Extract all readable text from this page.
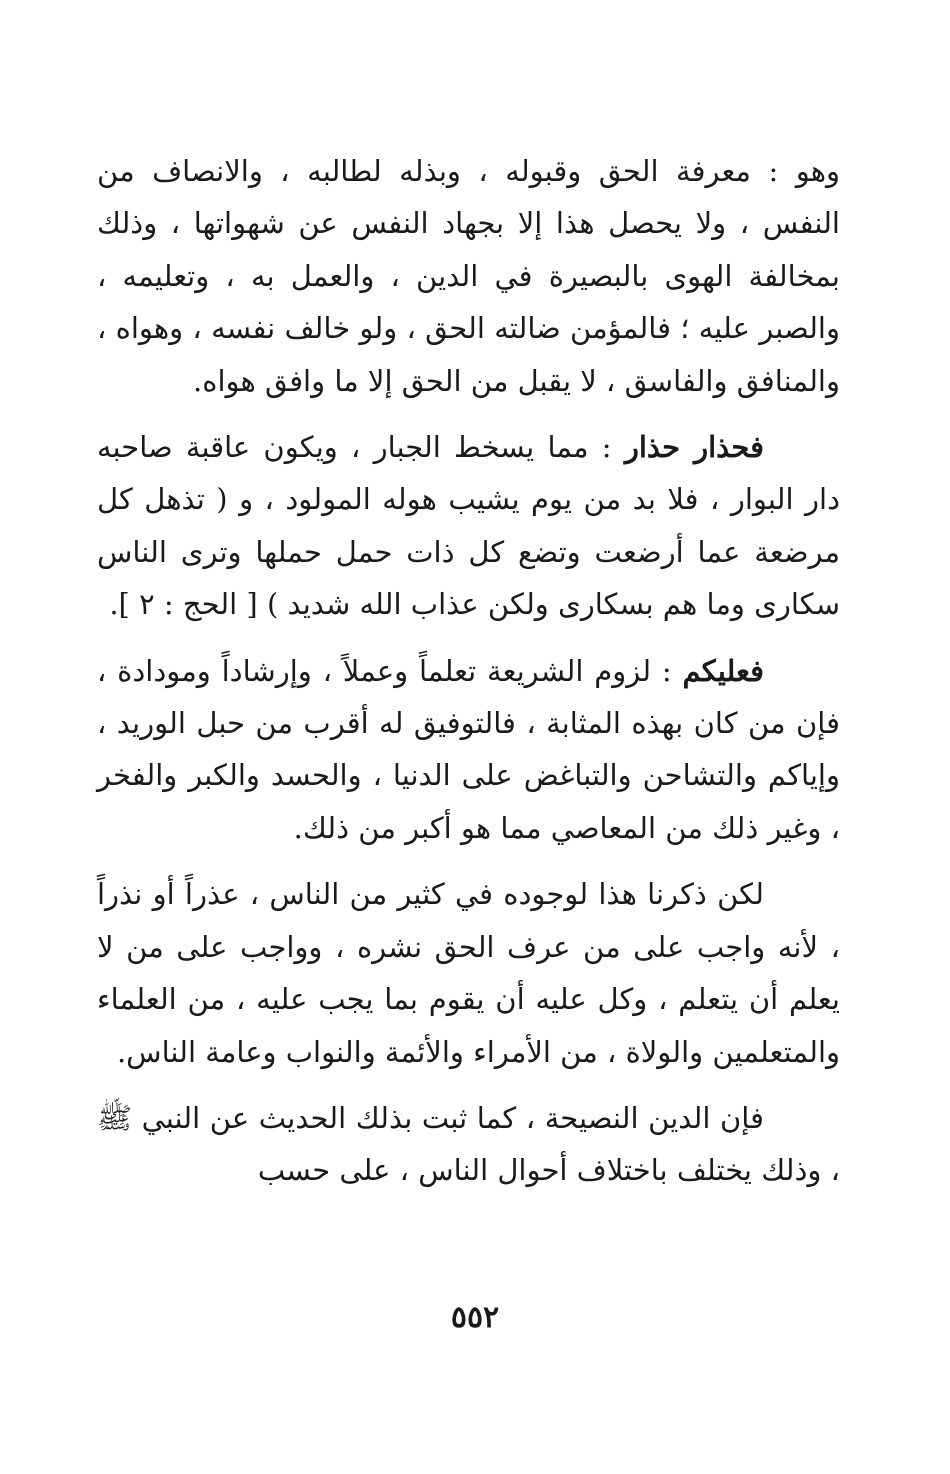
وهو : معرفة الحق وقبوله ، وبذله لطالبه ، والانصاف من النفس ، ولا يحصل هذا إلا بجهاد النفس عن شهواتها ، وذلك بمخالفة الهوى بالبصيرة في الدين ، والعمل به ، وتعليمه ، والصبر عليه ؛ فالمؤمن ضالته الحق ، ولو خالف نفسه ، وهواه ، والمنافق والفاسق ، لا يقبل من الحق إلا ما وافق هواه.

فحذار حذار : مما يسخط الجبار ، ويكون عاقبة صاحبه دار البوار ، فلا بد من يوم يشيب هوله المولود ، و ( تذهل كل مرضعة عما أرضعت وتضع كل ذات حمل حملها وترى الناس سكارى وما هم بسكارى ولكن عذاب الله شديد ) [ الحج : ٢ ].

فعليكم : لزوم الشريعة تعلماً وعملاً ، وإرشاداً ومودادة ، فإن من كان بهذه المثابة ، فالتوفيق له أقرب من حبل الوريد ، وإياكم والتشاحن والتباغض على الدنيا ، والحسد والكبر والفخر ، وغير ذلك من المعاصي مما هو أكبر من ذلك.

لكن ذكرنا هذا لوجوده في كثير من الناس ، عذراً أو نذراً ، لأنه واجب على من عرف الحق نشره ، وواجب على من لا يعلم أن يتعلم ، وكل عليه أن يقوم بما يجب عليه ، من العلماء والمتعلمين والولاة ، من الأمراء والأئمة والنواب وعامة الناس.

فإن الدين النصيحة ، كما ثبت بذلك الحديث عن النبي ﷺ ، وذلك يختلف باختلاف أحوال الناس ، على حسب

٥٥٢
